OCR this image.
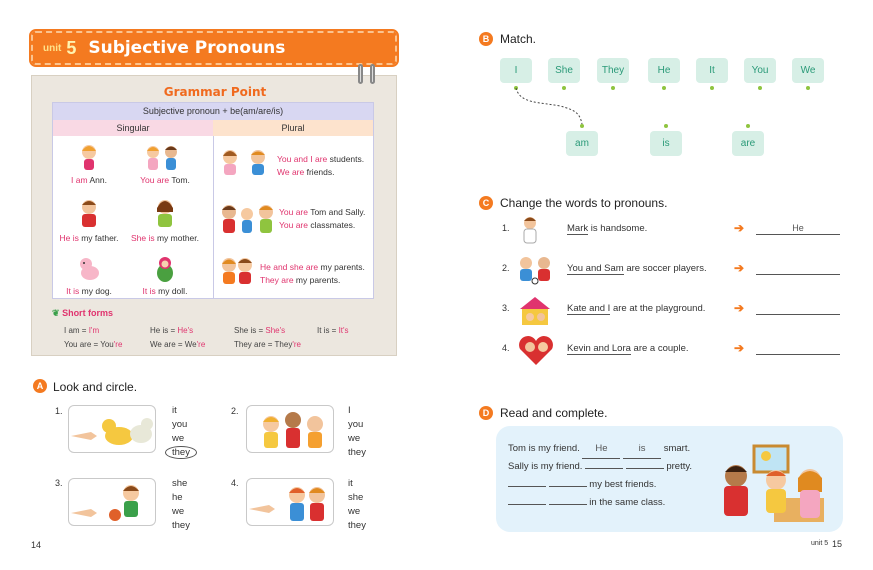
unit 5 Subjective Pronouns
Grammar Point
Subjective pronoun + be(am/are/is)
Singular	Plural
I am Ann.	You are Tom.
He is my father.	She is my mother.
It is my dog.	It is my doll.
You and I are students.
We are friends.
You are Tom and Sally.
You are classmates.
He and she are my parents.
They are my parents.
❦ Short forms
I am = I'm	He is = He's	She is = She's	It is = It's
You are = You're	We are = We're	They are = They're
A Look and circle.
1.	it
you
we
they
2.	I
you
we
they
3.	she
he
we
they
4.	it
she
we
they
14
B Match.
I	She	They	He	It	You	We
am	is	are
C Change the words to pronouns.
1.	Mark is handsome.	➔	He
2.	You and Sam are soccer players. ➔
3.	Kate and I are at the playground. ➔
4.	Kevin and Lora are a couple.	➔
D Read and complete.
Tom is my friend. He	is smart.
Sally is my friend.	pretty.
my best friends.
in the same class.
unit 5 15
